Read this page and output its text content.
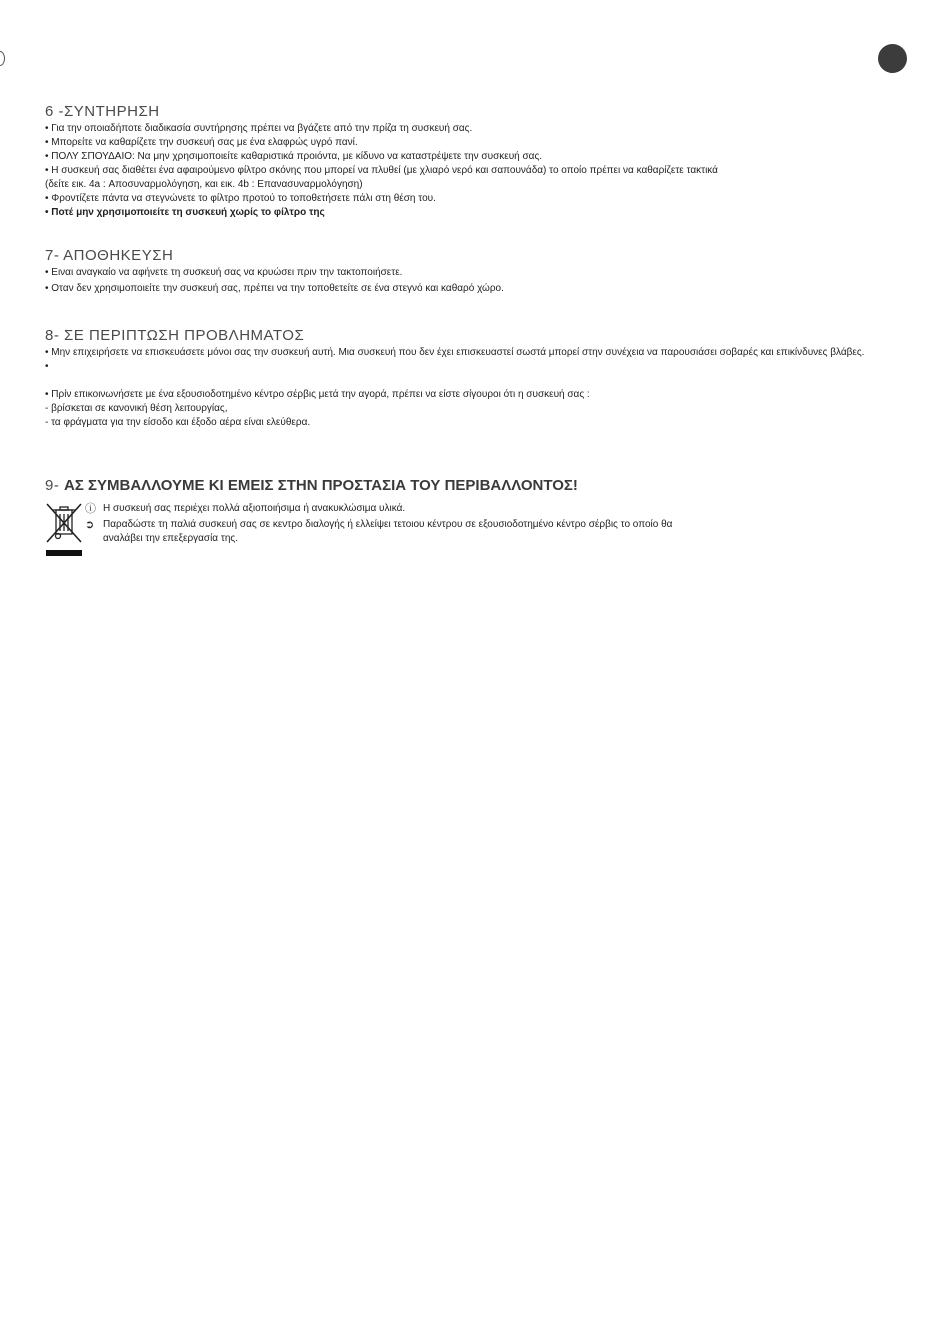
6 -ΣΥΝΤΗΡΗΣΗ
• Για την οποιαδήποτε διαδικασία συντήρησης πρέπει να βγάζετε από την πρίζα τη συσκευή σας.
• Μπορείτε να καθαρίζετε την συσκευή σας με ένα ελαφρώς υγρό πανί.
• ΠΟΛΥ ΣΠΟΥΔΑΙΟ: Να μην χρησιμοποιείτε καθαριστικά προιόντα, με κίδυνο να καταστρέψετε την συσκευή σας.
• Η συσκευή σας διαθέτει ένα αφαιρούμενο φίλτρο σκόνης που μπορεί να πλυθεί (με χλιαρό νερό και σαπουνάδα) το οποίο πρέπει να καθαρίζετε τακτικά
(δείτε εικ. 4a : Αποσυναρμολόγηση, και εικ. 4b : Επανασυναρμολόγηση)
• Φροντίζετε πάντα να στεγνώνετε το φίλτρο προτού το τοποθετήσετε πάλι στη θέση του.
• Ποτέ μην χρησιμοποιείτε τη συσκευή χωρίς το φίλτρο της
7- ΑΠΟΘΗΚΕΥΣΗ
• Ειναι αναγκαίο να αφήνετε τη συσκευή σας να κρυώσει πριν την τακτοποιήσετε.
• Οταν δεν χρησιμοποιείτε την συσκευή σας, πρέπει να την τοποθετείτε σε ένα στεγνό και καθαρό χώρο.
8- ΣΕ ΠΕΡΙΠΤΩΣΗ ΠΡΟΒΛΗΜΑΤΟΣ
• Μην επιχειρήσετε να επισκευάσετε μόνοι σας την συσκευή αυτή. Μια συσκευή που δεν έχει επισκευαστεί σωστά μπορεί στην συνέχεια να παρουσιάσει σοβαρές και επικίνδυνες βλάβες.
•
• Πρίν επικοινωνήσετε με ένα εξουσιοδοτημένο κέντρο σέρβις μετά την αγορά, πρέπει να είστε σίγουροι ότι η συσκευή σας :
- βρίσκεται σε κανονική θέση λειτουργίας,
- τα φράγματα για την είσοδο και έξοδο αέρα είναι ελεύθερα.
9- ΑΣ ΣΥΜΒΑΛΛΟΥΜΕ ΚΙ ΕΜΕΙΣ ΣΤΗΝ ΠΡΟΣΤΑΣΙΑ ΤΟΥ ΠΕΡΙΒΑΛΛΟΝΤΟΣ!
ⓘ Η συσκευή σας περιέχει πολλά αξιοποιήσιμα ή ανακυκλώσιμα υλικά.
➲ Παραδώστε τη παλιά συσκευή σας σε κεντρο διαλογής ή ελλείψει τετοιου κέντρου σε εξουσιοδοτημένο κέντρο σέρβις το οποίο θα
αναλάβει την επεξεργασία της.
